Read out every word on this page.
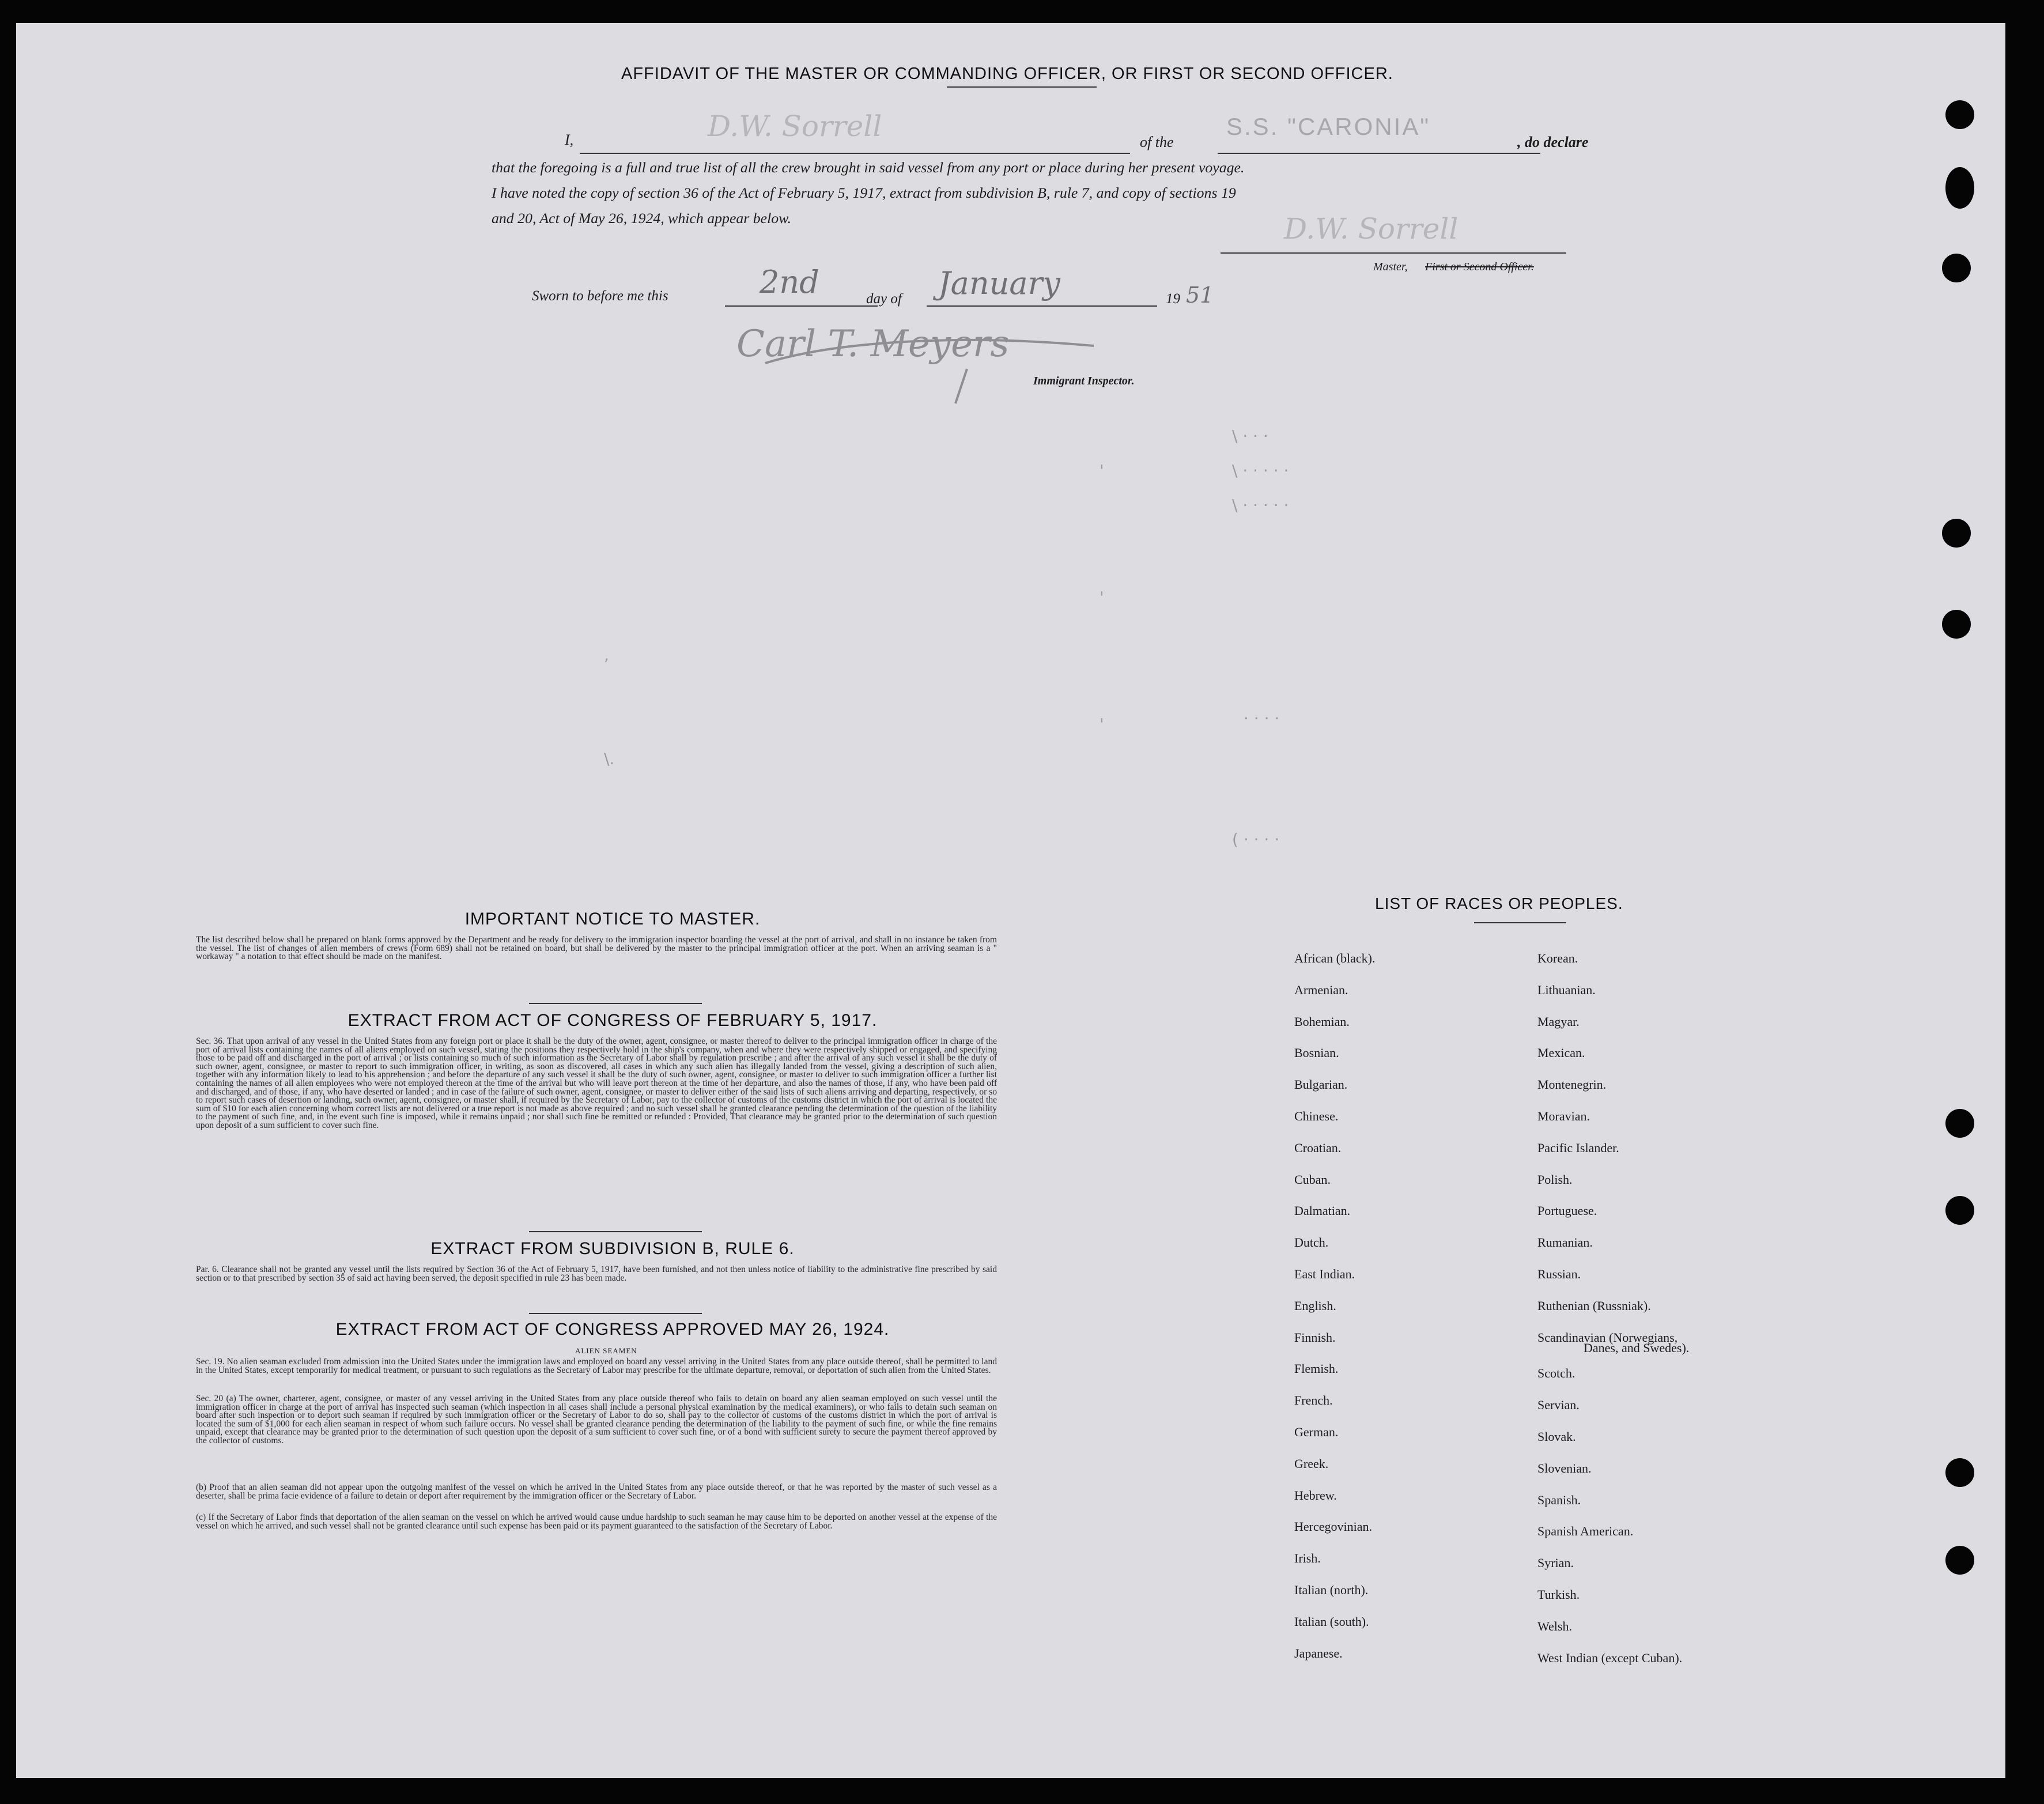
AFFIDAVIT OF THE MASTER OR COMMANDING OFFICER, OR FIRST OR SECOND OFFICER.

I,	D.W. Sorrell	of the

S.S. "CARONIA"

, do declare

that the foregoing is a full and true list of all the crew brought in said vessel from any port or place during her present voyage.

I have noted the copy of section 36 of the Act of February 5, 1917, extract from subdivision B, rule 7, and copy of sections 19

and 20, Act of May 26, 1924, which appear below.	D.W. Sorrell

Master, First or Second Officer.

Sworn to before me this	2nd	day of January	19 51
Carl T. Meyers

Immigrant Inspector.

\ · · ·
\ · · · · ·
\ · · · · ·
· · · ·
( · · · ·
'
'
'
,
\.

IMPORTANT NOTICE TO MASTER.

The list described below shall be prepared on blank forms approved by the Department and be ready for delivery to the immigration inspector boarding the vessel at the port of arrival, and shall in no instance be taken from the vessel. The list of changes of alien members of crews (Form 689) shall not be retained on board, but shall be delivered by the master to the principal immigration officer at the port. When an arriving seaman is a " workaway " a notation to that effect should be made on the manifest.

EXTRACT FROM ACT OF CONGRESS OF FEBRUARY 5, 1917.

Sec. 36. That upon arrival of any vessel in the United States from any foreign port or place it shall be the duty of the owner, agent, consignee, or master thereof to deliver to the principal immigration officer in charge of the port of arrival lists containing the names of all aliens employed on such vessel, stating the positions they respectively hold in the ship's company, when and where they were respectively shipped or engaged, and specifying those to be paid off and discharged in the port of arrival ; or lists containing so much of such information as the Secretary of Labor shall by regulation prescribe ; and after the arrival of any such vessel it shall be the duty of such owner, agent, consignee, or master to report to such immigration officer, in writing, as soon as discovered, all cases in which any such alien has illegally landed from the vessel, giving a description of such alien, together with any information likely to lead to his apprehension ; and before the departure of any such vessel it shall be the duty of such owner, agent, consignee, or master to deliver to such immigration officer a further list containing the names of all alien employees who were not employed thereon at the time of the arrival but who will leave port thereon at the time of her departure, and also the names of those, if any, who have been paid off and discharged, and of those, if any, who have deserted or landed ; and in case of the failure of such owner, agent, consignee, or master to deliver either of the said lists of such aliens arriving and departing, respectively, or so to report such cases of desertion or landing, such owner, agent, consignee, or master shall, if required by the Secretary of Labor, pay to the collector of customs of the customs district in which the port of arrival is located the sum of $10 for each alien concerning whom correct lists are not delivered or a true report is not made as above required ; and no such vessel shall be granted clearance pending the determination of the question of the liability to the payment of such fine, and, in the event such fine is imposed, while it remains unpaid ; nor shall such fine be remitted or refunded : Provided, That clearance may be granted prior to the determination of such question upon deposit of a sum sufficient to cover such fine.

EXTRACT FROM SUBDIVISION B, RULE 6.

Par. 6. Clearance shall not be granted any vessel until the lists required by Section 36 of the Act of February 5, 1917, have been furnished, and not then unless notice of liability to the administrative fine prescribed by said section or to that prescribed by section 35 of said act having been served, the deposit specified in rule 23 has been made.

EXTRACT FROM ACT OF CONGRESS APPROVED MAY 26, 1924.

ALIEN SEAMEN

Sec. 19. No alien seaman excluded from admission into the United States under the immigration laws and employed on board any vessel arriving in the United States from any place outside thereof, shall be permitted to land in the United States, except temporarily for medical treatment, or pursuant to such regulations as the Secretary of Labor may prescribe for the ultimate departure, removal, or deportation of such alien from the United States.

Sec. 20 (a) The owner, charterer, agent, consignee, or master of any vessel arriving in the United States from any place outside thereof who fails to detain on board any alien seaman employed on such vessel until the immigration officer in charge at the port of arrival has inspected such seaman (which inspection in all cases shall include a personal physical examination by the medical examiners), or who fails to detain such seaman on board after such inspection or to deport such seaman if required by such immigration officer or the Secretary of Labor to do so, shall pay to the collector of customs of the customs district in which the port of arrival is located the sum of $1,000 for each alien seaman in respect of whom such failure occurs. No vessel shall be granted clearance pending the determination of the liability to the payment of such fine, or while the fine remains unpaid, except that clearance may be granted prior to the determination of such question upon the deposit of a sum sufficient to cover such fine, or of a bond with sufficient surety to secure the payment thereof approved by the collector of customs.

(b) Proof that an alien seaman did not appear upon the outgoing manifest of the vessel on which he arrived in the United States from any place outside thereof, or that he was reported by the master of such vessel as a deserter, shall be prima facie evidence of a failure to detain or deport after requirement by the immigration officer or the Secretary of Labor.

(c) If the Secretary of Labor finds that deportation of the alien seaman on the vessel on which he arrived would cause undue hardship to such seaman he may cause him to be deported on another vessel at the expense of the vessel on which he arrived, and such vessel shall not be granted clearance until such expense has been paid or its payment guaranteed to the satisfaction of the Secretary of Labor.

LIST OF RACES OR PEOPLES.

African (black).

Armenian.

Bohemian.

Bosnian.

Bulgarian.

Chinese.

Croatian.

Cuban.

Dalmatian.

Dutch.

East Indian.

English.

Finnish.

Flemish.

French.

German.

Greek.

Hebrew.

Hercegovinian.

Irish.

Italian (north).

Italian (south).

Japanese.

Korean.

Lithuanian.

Magyar.

Mexican.

Montenegrin.

Moravian.

Pacific Islander.

Polish.

Portuguese.

Rumanian.

Russian.

Ruthenian (Russniak).

Scandinavian (Norwegians,

Scotch.

Servian.

Slovak.

Slovenian.

Spanish.

Spanish American.

Syrian.

Turkish.

Welsh.

West Indian (except Cuban).

Danes, and Swedes).
